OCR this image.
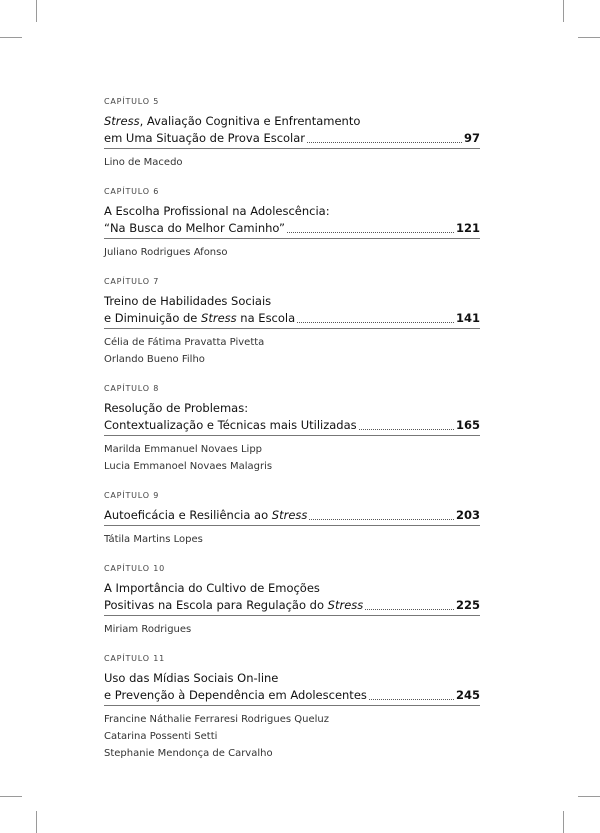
CAPÍTULO 5
Stress, Avaliação Cognitiva e Enfrentamento
em Uma Situação de Prova Escolar	97
Lino de Macedo
CAPÍTULO 6
A Escolha Profissional na Adolescência:
“Na Busca do Melhor Caminho”	121
Juliano Rodrigues Afonso
CAPÍTULO 7
Treino de Habilidades Sociais
e Diminuição de Stress na Escola	141
Célia de Fátima Pravatta Pivetta
Orlando Bueno Filho
CAPÍTULO 8
Resolução de Problemas:
Contextualização e Técnicas mais Utilizadas	165
Marilda Emmanuel Novaes Lipp
Lucia Emmanoel Novaes Malagris
CAPÍTULO 9
Autoeficácia e Resiliência ao Stress	203
Tátila Martins Lopes
CAPÍTULO 10
A Importância do Cultivo de Emoções
Positivas na Escola para Regulação do Stress	225
Miriam Rodrigues
CAPÍTULO 11
Uso das Mídias Sociais On-line
e Prevenção à Dependência em Adolescentes	245
Francine Náthalie Ferraresi Rodrigues Queluz
Catarina Possenti Setti
Stephanie Mendonça de Carvalho
